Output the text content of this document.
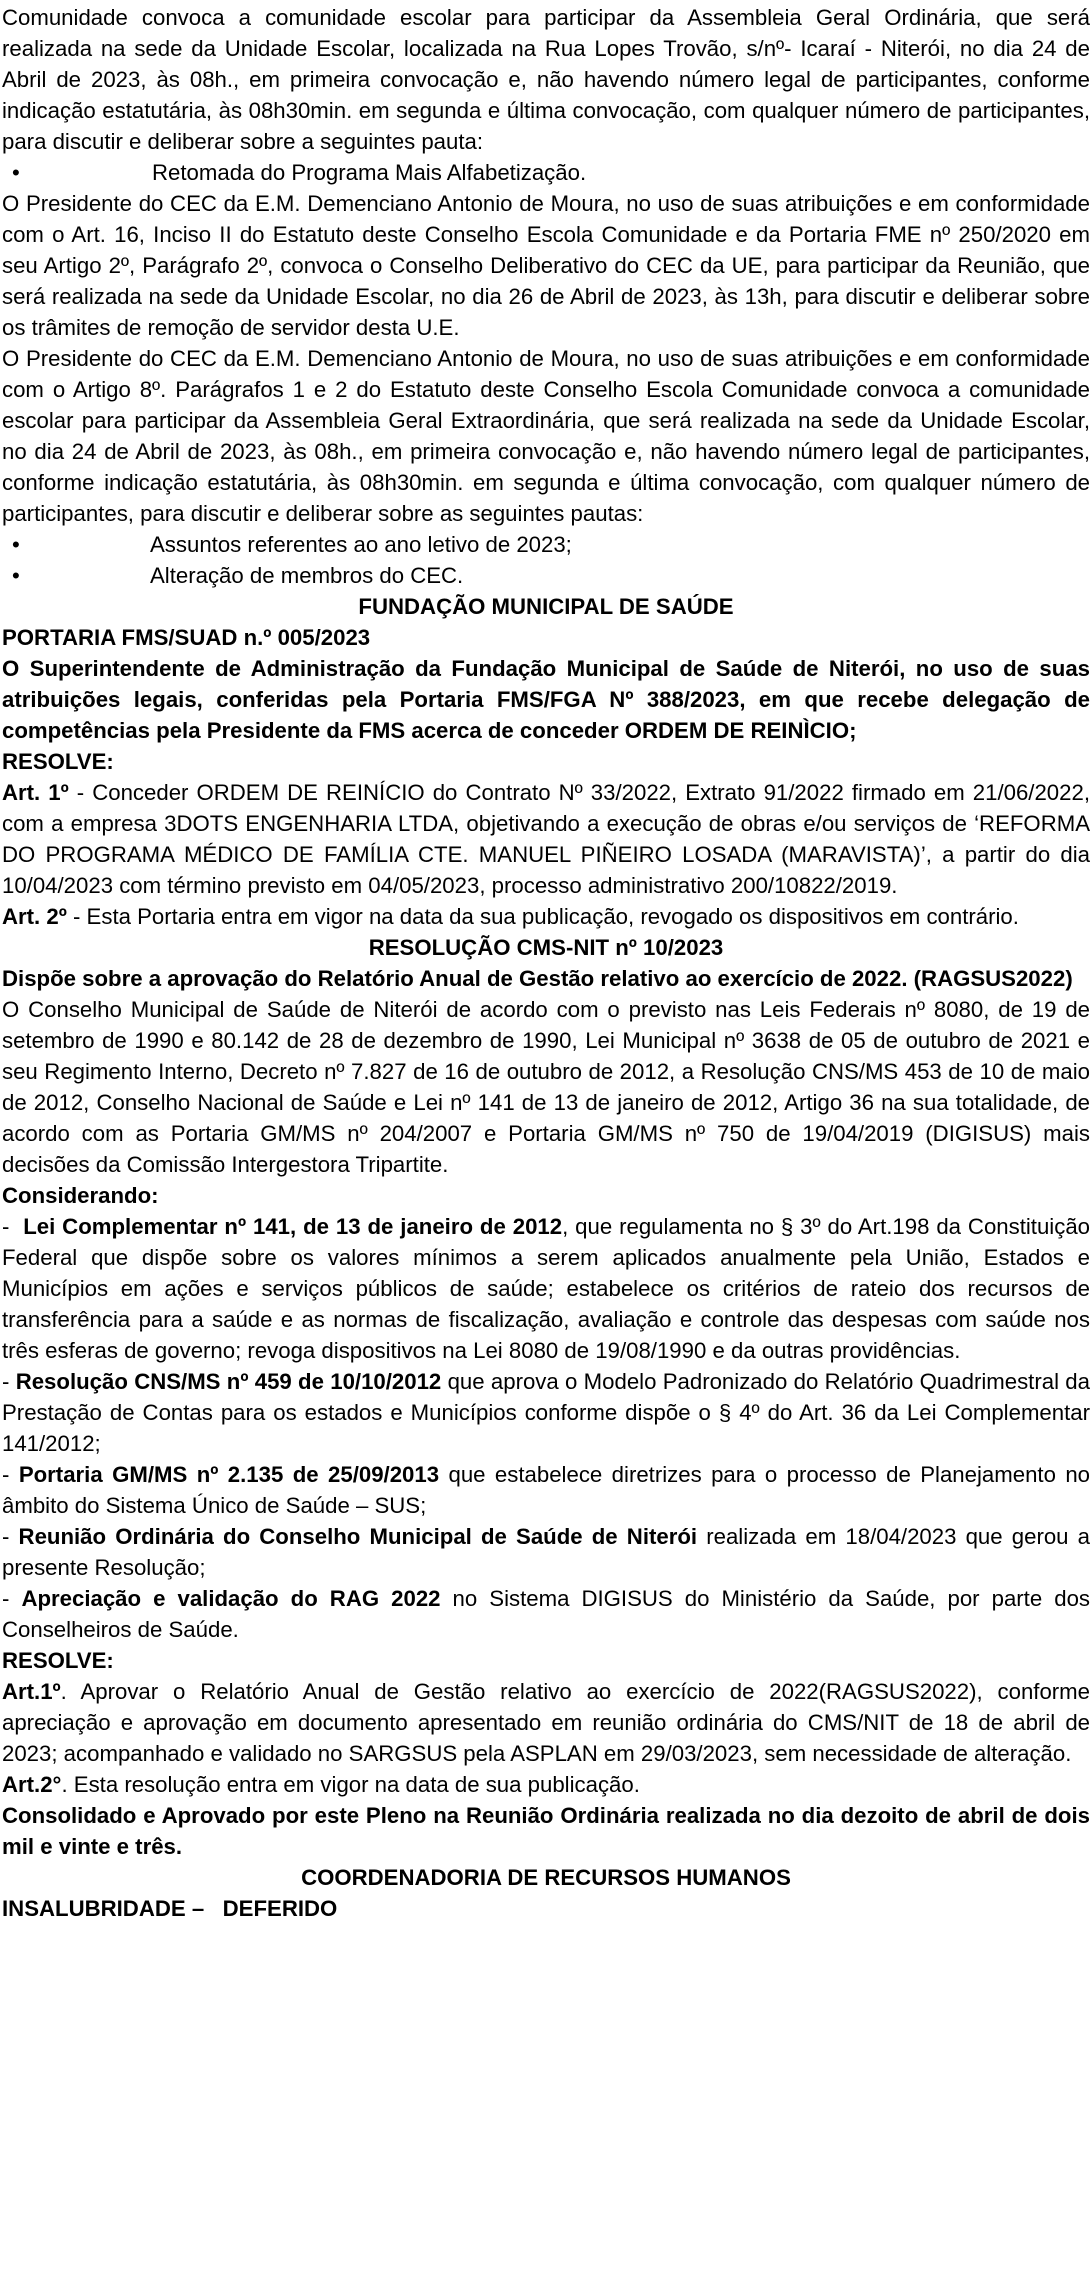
Comunidade convoca a comunidade escolar para participar da Assembleia Geral Ordinária, que será realizada na sede da Unidade Escolar, localizada na Rua Lopes Trovão, s/nº- Icaraí - Niterói, no dia 24 de Abril de 2023, às 08h., em primeira convocação e, não havendo número legal de participantes, conforme indicação estatutária, às 08h30min. em segunda e última convocação, com qualquer número de participantes, para discutir e deliberar sobre a seguintes pauta:

•	Retomada do Programa Mais Alfabetização.

O Presidente do CEC da E.M. Demenciano Antonio de Moura, no uso de suas atribuições e em conformidade com o Art. 16, Inciso II do Estatuto deste Conselho Escola Comunidade e da Portaria FME nº 250/2020 em seu Artigo 2º, Parágrafo 2º, convoca o Conselho Deliberativo do CEC da UE, para participar da Reunião, que será realizada na sede da Unidade Escolar, no dia 26 de Abril de 2023, às 13h, para discutir e deliberar sobre os trâmites de remoção de servidor desta U.E.

O Presidente do CEC da E.M. Demenciano Antonio de Moura, no uso de suas atribuições e em conformidade com o Artigo 8º. Parágrafos 1 e 2 do Estatuto deste Conselho Escola Comunidade convoca a comunidade escolar para participar da Assembleia Geral Extraordinária, que será realizada na sede da Unidade Escolar, no dia 24 de Abril de 2023, às 08h., em primeira convocação e, não havendo número legal de participantes, conforme indicação estatutária, às 08h30min. em segunda e última convocação, com qualquer número de participantes, para discutir e deliberar sobre as seguintes pautas:

•	Assuntos referentes ao ano letivo de 2023;

•	Alteração de membros do CEC.

FUNDAÇÃO MUNICIPAL DE SAÚDE

PORTARIA FMS/SUAD n.º 005/2023

O Superintendente de Administração da Fundação Municipal de Saúde de Niterói, no uso de suas atribuições legais, conferidas pela Portaria FMS/FGA Nº 388/2023, em que recebe delegação de competências pela Presidente da FMS acerca de conceder ORDEM DE REINÌCIO;

RESOLVE:

Art. 1º - Conceder ORDEM DE REINÍCIO do Contrato Nº 33/2022, Extrato 91/2022 firmado em 21/06/2022, com a empresa 3DOTS ENGENHARIA LTDA, objetivando a execução de obras e/ou serviços de ‘REFORMA DO PROGRAMA MÉDICO DE FAMÍLIA CTE. MANUEL PIÑEIRO LOSADA (MARAVISTA)’, a partir do dia 10/04/2023 com término previsto em 04/05/2023, processo administrativo 200/10822/2019.

Art. 2º - Esta Portaria entra em vigor na data da sua publicação, revogado os dispositivos em contrário.

RESOLUÇÃO CMS-NIT nº 10/2023

Dispõe sobre a aprovação do Relatório Anual de Gestão relativo ao exercício de 2022. (RAGSUS2022)

O Conselho Municipal de Saúde de Niterói de acordo com o previsto nas Leis Federais nº 8080, de 19 de setembro de 1990 e 80.142 de 28 de dezembro de 1990, Lei Municipal nº 3638 de 05 de outubro de 2021 e seu Regimento Interno, Decreto nº 7.827 de 16 de outubro de 2012, a Resolução CNS/MS 453 de 10 de maio de 2012, Conselho Nacional de Saúde e Lei nº 141 de 13 de janeiro de 2012, Artigo 36 na sua totalidade, de acordo com as Portaria GM/MS nº 204/2007 e Portaria GM/MS nº 750 de 19/04/2019 (DIGISUS) mais decisões da Comissão Intergestora Tripartite.

Considerando:

-  Lei Complementar nº 141, de 13 de janeiro de 2012, que regulamenta no § 3º do Art.198 da Constituição Federal que dispõe sobre os valores mínimos a serem aplicados anualmente pela União, Estados e Municípios em ações e serviços públicos de saúde; estabelece os critérios de rateio dos recursos de transferência para a saúde e as normas de fiscalização, avaliação e controle das despesas com saúde nos três esferas de governo; revoga dispositivos na Lei 8080 de 19/08/1990 e da outras providências.

- Resolução CNS/MS nº 459 de 10/10/2012 que aprova o Modelo Padronizado do Relatório Quadrimestral da Prestação de Contas para os estados e Municípios conforme dispõe o § 4º do Art. 36 da Lei Complementar 141/2012;

- Portaria GM/MS nº 2.135 de 25/09/2013 que estabelece diretrizes para o processo de Planejamento no âmbito do Sistema Único de Saúde – SUS;

- Reunião Ordinária do Conselho Municipal de Saúde de Niterói realizada em 18/04/2023 que gerou a presente Resolução;

- Apreciação e validação do RAG 2022 no Sistema DIGISUS do Ministério da Saúde, por parte dos Conselheiros de Saúde.

RESOLVE:

Art.1º. Aprovar o Relatório Anual de Gestão relativo ao exercício de 2022(RAGSUS2022), conforme apreciação e aprovação em documento apresentado em reunião ordinária do CMS/NIT de 18 de abril de 2023; acompanhado e validado no SARGSUS pela ASPLAN em 29/03/2023, sem necessidade de alteração.

Art.2°. Esta resolução entra em vigor na data de sua publicação.

Consolidado e Aprovado por este Pleno na Reunião Ordinária realizada no dia dezoito de abril de dois mil e vinte e três.

COORDENADORIA DE RECURSOS HUMANOS

INSALUBRIDADE –   DEFERIDO
